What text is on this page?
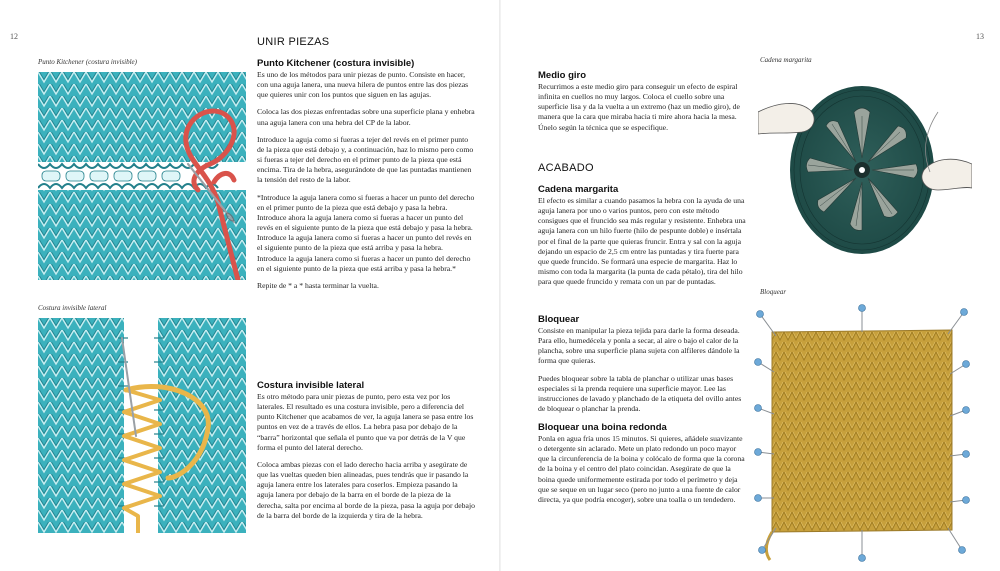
12
Punto Kitchener (costura invisible)
Costura invisible lateral
UNIR PIEZAS
Punto Kitchener (costura invisible)

Es uno de los métodos para unir piezas de punto. Consiste en hacer, con una aguja lanera, una nueva hilera de puntos entre las dos piezas que quieres unir con los puntos que siguen en las agujas.

Coloca las dos piezas enfrentadas sobre una superficie plana y enhebra una aguja lanera con una hebra del CP de la labor.

Introduce la aguja como si fueras a tejer del revés en el primer punto de la pieza que está debajo y, a continuación, haz lo mismo pero como si fueras a tejer del derecho en el primer punto de la pieza que está encima. Tira de la hebra, asegurándote de que las puntadas mantienen la tensión del resto de la labor.

*Introduce la aguja lanera como si fueras a hacer un punto del derecho en el primer punto de la pieza que está debajo y pasa la hebra.
Introduce ahora la aguja lanera como si fueras a hacer un punto del revés en el siguiente punto de la pieza que está debajo y pasa la hebra.
Introduce la aguja lanera como si fueras a hacer un punto del revés en el siguiente punto de la pieza que está arriba y pasa la hebra.
Introduce la aguja lanera como si fueras a hacer un punto del derecho en el siguiente punto de la pieza que está arriba y pasa la hebra.*

Repite de * a * hasta terminar la vuelta.

Costura invisible lateral

Es otro método para unir piezas de punto, pero esta vez por los laterales. El resultado es una costura invisible, pero a diferencia del punto Kitchener que acabamos de ver, la aguja lanera se pasa entre los puntos en vez de a través de ellos. La hebra pasa por debajo de la “barra” horizontal que señala el punto que va por detrás de la V que forma el punto del lateral derecho.

Coloca ambas piezas con el lado derecho hacia arriba y asegúrate de que las vueltas queden bien alineadas, pues tendrás que ir pasando la aguja lanera entre los laterales para coserlos. Empieza pasando la aguja lanera por debajo de la barra en el borde de la pieza de la derecha, salta por encima al borde de la pieza, pasa la aguja por debajo de la barra del borde de la izquierda y tira de la hebra.

13
Medio giro

Recurrimos a este medio giro para conseguir un efecto de espiral infinita en cuellos no muy largos. Coloca el cuello sobre una superficie lisa y da la vuelta a un extremo (haz un medio giro), de manera que la cara que miraba hacia ti mire ahora hacia la mesa. Únelo según la técnica que se especifique.

ACABADO
Cadena margarita

El efecto es similar a cuando pasamos la hebra con la ayuda de una aguja lanera por uno o varios puntos, pero con este método consigues que el fruncido sea más regular y resistente. Enhebra una aguja lanera con un hilo fuerte (hilo de pespunte doble) e insértala por el final de la parte que quieras fruncir. Entra y sal con la aguja dejando un espacio de 2,5 cm entre las puntadas y tira fuerte para que quede fruncido. Se formará una especie de margarita. Haz lo mismo con toda la margarita (la punta de cada pétalo), tira del hilo para que quede fruncido y remata con un par de puntadas.

Bloquear

Consiste en manipular la pieza tejida para darle la forma deseada. Para ello, humedécela y ponla a secar, al aire o bajo el calor de la plancha, sobre una superficie plana sujeta con alfileres dándole la forma que quieras.

Puedes bloquear sobre la tabla de planchar o utilizar unas bases especiales si la prenda requiere una superficie mayor. Lee las instrucciones de lavado y planchado de la etiqueta del ovillo antes de bloquear o planchar la prenda.

Bloquear una boina redonda

Ponla en agua fría unos 15 minutos. Si quieres, añádele suavizante o detergente sin aclarado. Mete un plato redondo un poco mayor que la circunferencia de la boina y colócalo de forma que la corona de la boina y el centro del plato coincidan. Asegúrate de que la boina quede uniformemente estirada por todo el perímetro y deja que se seque en un lugar seco (pero no junto a una fuente de calor directa, ya que podría encoger), sobre una toalla o un tendedero.

Cadena margarita
Bloquear
